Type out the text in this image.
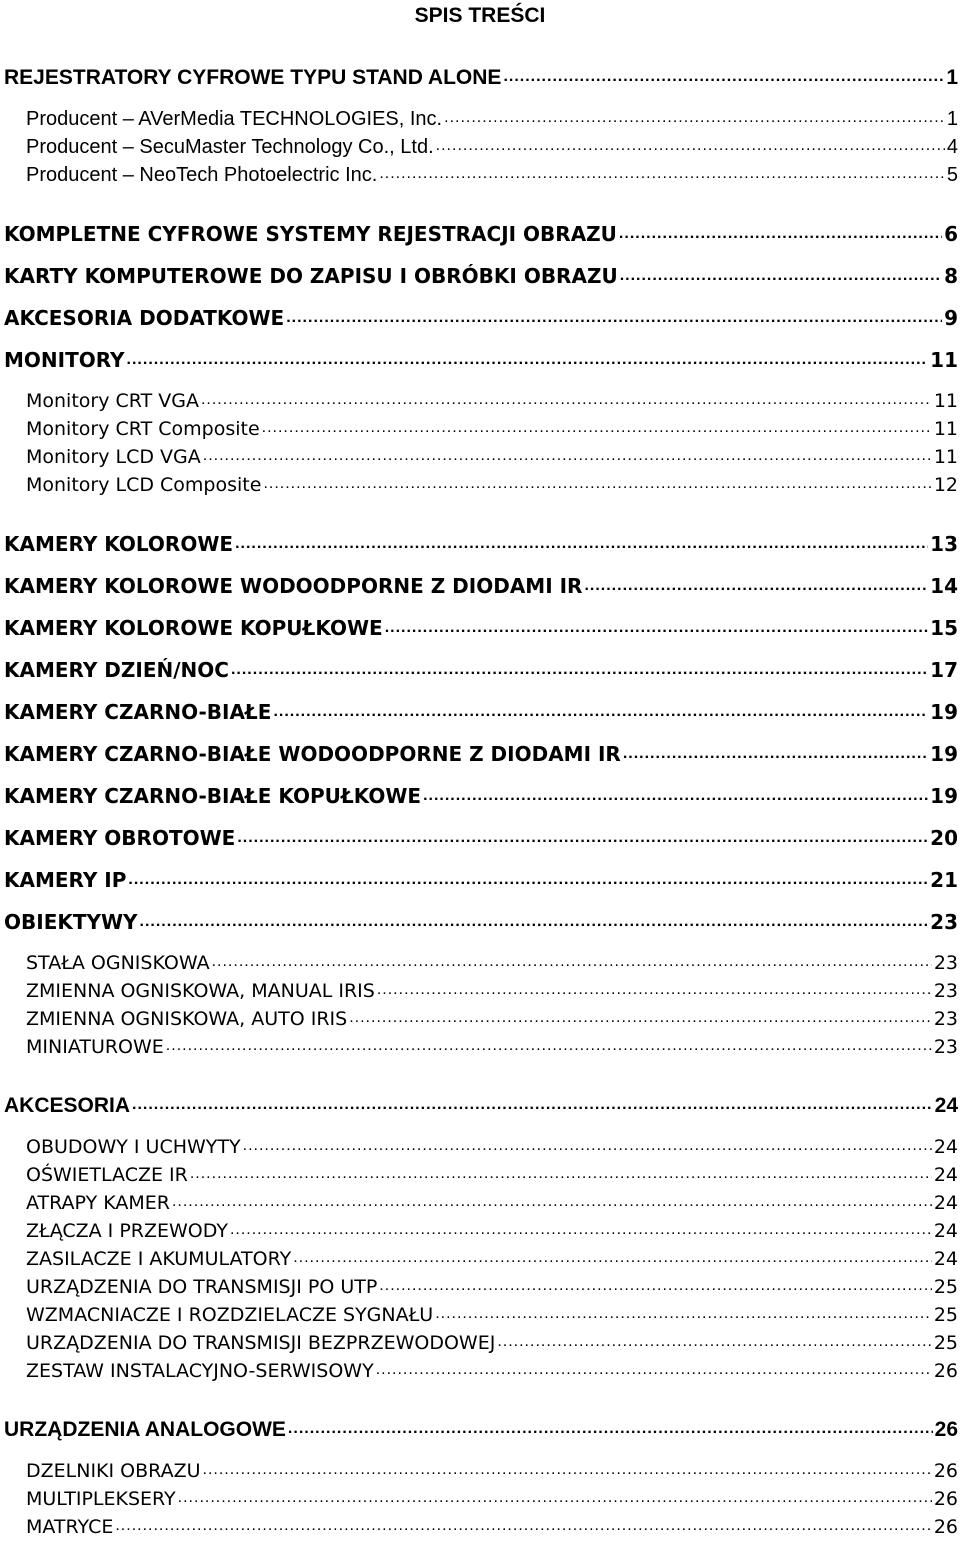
SPIS TREŚCI
REJESTRATORY CYFROWE TYPU STAND ALONE .....	1
Producent – AVerMedia TECHNOLOGIES, Inc. .....	1
Producent – SecuMaster Technology Co., Ltd. .....	4
Producent – NeoTech Photoelectric Inc. .....	5
KOMPLETNE CYFROWE SYSTEMY REJESTRACJI OBRAZU .....	6
KARTY KOMPUTEROWE DO ZAPISU I OBRÓBKI OBRAZU .....	8
AKCESORIA DODATKOWE .....	9
MONITORY .....	11
Monitory CRT VGA .....	11
Monitory CRT Composite .....	11
Monitory LCD VGA .....	11
Monitory LCD Composite .....	12
KAMERY KOLOROWE .....	13
KAMERY KOLOROWE WODOODPORNE Z DIODAMI IR .....	14
KAMERY KOLOROWE KOPUŁKOWE .....	15
KAMERY DZIEŃ/NOC .....	17
KAMERY CZARNO-BIAŁE .....	19
KAMERY CZARNO-BIAŁE WODOODPORNE Z DIODAMI IR .....	19
KAMERY CZARNO-BIAŁE KOPUŁKOWE .....	19
KAMERY OBROTOWE .....	20
KAMERY IP .....	21
OBIEKTYWY .....	23
STAŁA OGNISKOWA .....	23
ZMIENNA OGNISKOWA, MANUAL IRIS .....	23
ZMIENNA OGNISKOWA, AUTO IRIS .....	23
MINIATUROWE .....	23
AKCESORIA .....	24
OBUDOWY I UCHWYTY .....	24
OŚWIETLACZE IR .....	24
ATRAPY KAMER .....	24
ZŁĄCZA I PRZEWODY .....	24
ZASILACZE I AKUMULATORY .....	24
URZĄDZENIA DO TRANSMISJI PO UTP .....	25
WZMACNIACZE I ROZDZIELACZE SYGNAŁU .....	25
URZĄDZENIA DO TRANSMISJI BEZPRZEWODOWEJ .....	25
ZESTAW INSTALACYJNO-SERWISOWY .....	26
URZĄDZENIA ANALOGOWE .....	26
DZELNIKI OBRAZU .....	26
MULTIPLEKSERY .....	26
MATRYCE .....	26
